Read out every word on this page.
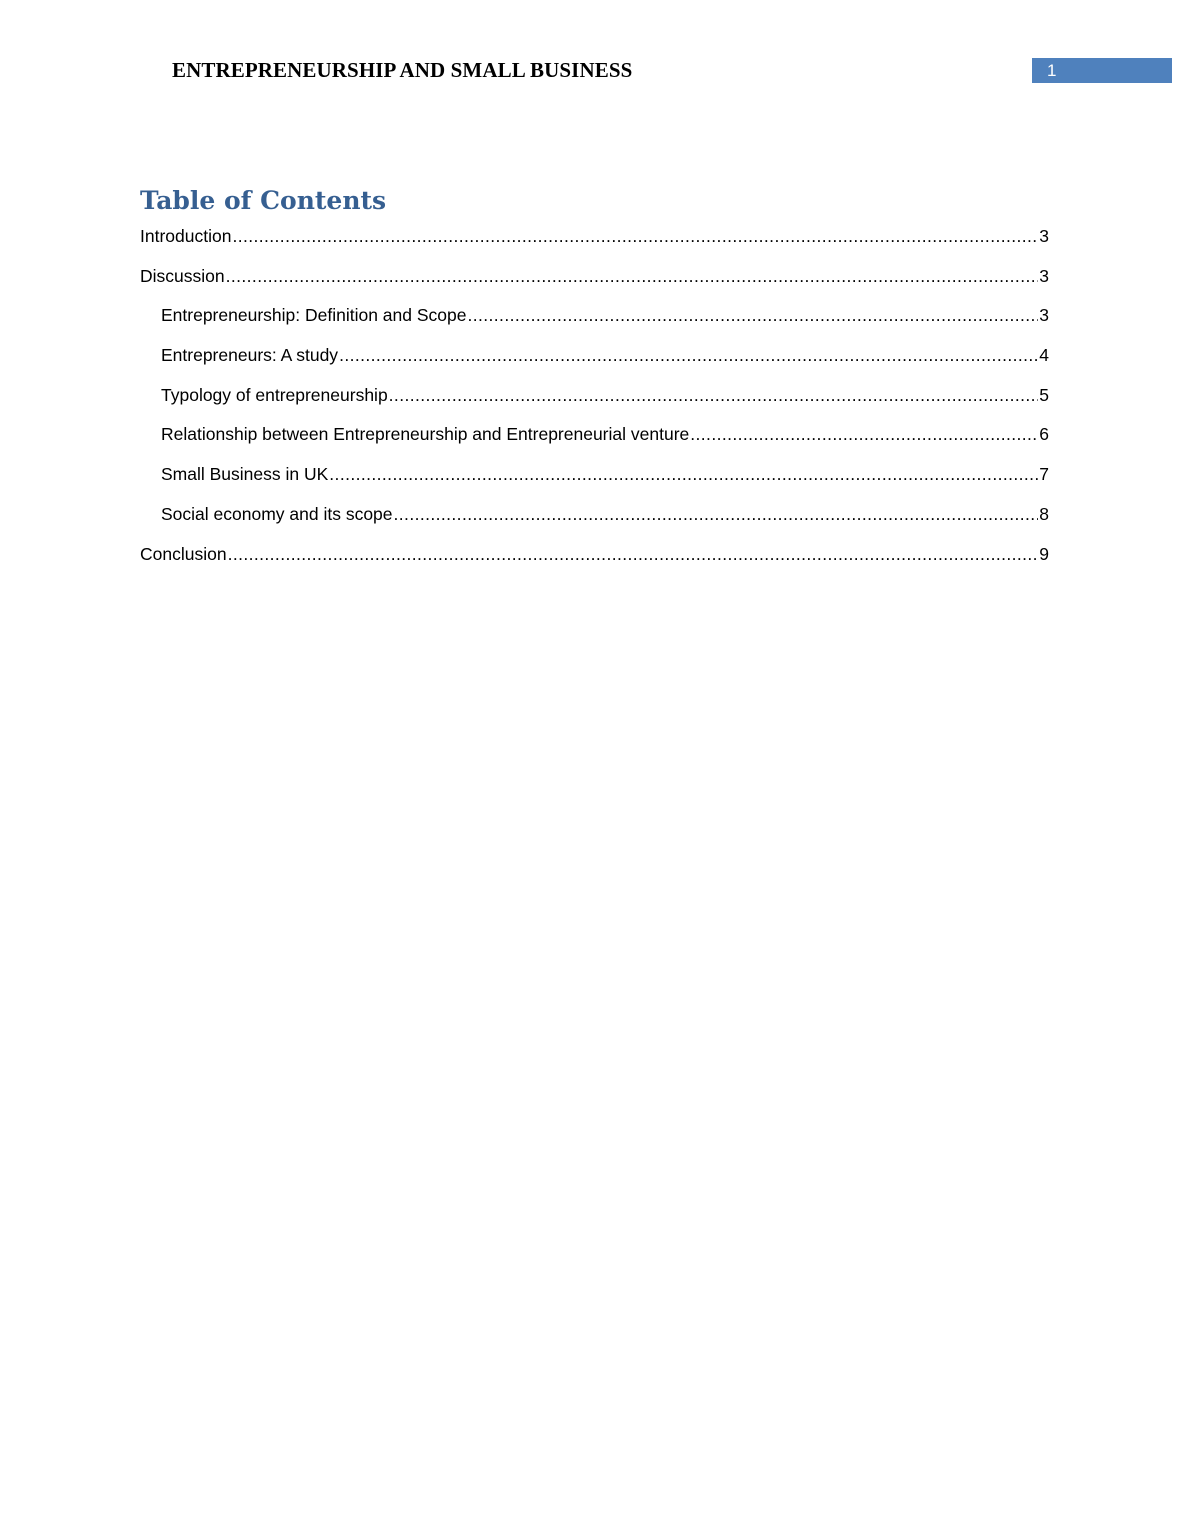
ENTREPRENEURSHIP AND SMALL BUSINESS	1
Table of Contents
Introduction .....	3
Discussion .....	3
Entrepreneurship: Definition and Scope .....	3
Entrepreneurs: A study .....	4
Typology of entrepreneurship .....	5
Relationship between Entrepreneurship and Entrepreneurial venture .....	6
Small Business in UK .....	7
Social economy and its scope .....	8
Conclusion .....	9
